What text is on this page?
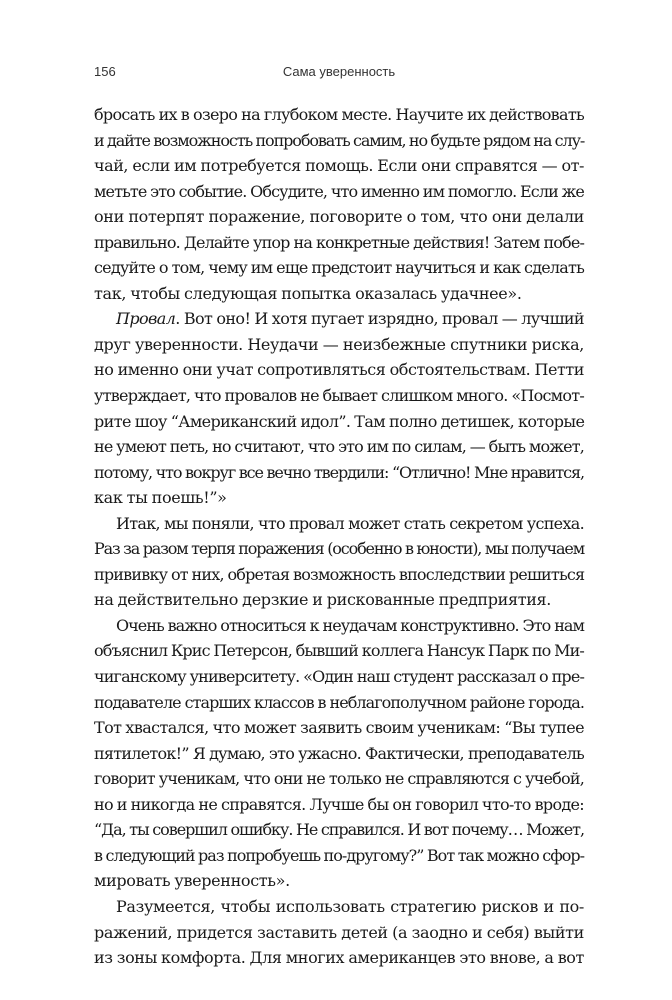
156	Сама уверенность
бросать их в озеро на глубоком месте. Научите их действовать
и дайте возможность попробовать самим, но будьте рядом на слу-
чай, если им потребуется помощь. Если они справятся — от-
метьте это событие. Обсудите, что именно им помогло. Если же
они потерпят поражение, поговорите о том, что они делали
правильно. Делайте упор на конкретные действия! Затем побе-
седуйте о том, чему им еще предстоит научиться и как сделать
так, чтобы следующая попытка оказалась удачнее».
Провал. Вот оно! И хотя пугает изрядно, провал — лучший
друг уверенности. Неудачи — неизбежные спутники риска,
но именно они учат сопротивляться обстоятельствам. Петти
утверждает, что провалов не бывает слишком много. «Посмот-
рите шоу “Американский идол”. Там полно детишек, которые
не умеют петь, но считают, что это им по силам, — быть может,
потому, что вокруг все вечно твердили: “Отлично! Мне нравится,
как ты поешь!”»
Итак, мы поняли, что провал может стать секретом успеха.
Раз за разом терпя поражения (особенно в юности), мы получаем
прививку от них, обретая возможность впоследствии решиться
на действительно дерзкие и рискованные предприятия.
Очень важно относиться к неудачам конструктивно. Это нам
объяснил Крис Петерсон, бывший коллега Нансук Парк по Ми-
чиганскому университету. «Один наш студент рассказал о пре-
подавателе старших классов в неблагополучном районе города.
Тот хвастался, что может заявить своим ученикам: “Вы тупее
пятилеток!” Я думаю, это ужасно. Фактически, преподаватель
говорит ученикам, что они не только не справляются с учебой,
но и никогда не справятся. Лучше бы он говорил что-то вроде:
“Да, ты совершил ошибку. Не справился. И вот почему… Может,
в следующий раз попробуешь по-другому?” Вот так можно сфор-
мировать уверенность».
Разумеется, чтобы использовать стратегию рисков и по-
ражений, придется заставить детей (а заодно и себя) выйти
из зоны комфорта. Для многих американцев это внове, а вот
